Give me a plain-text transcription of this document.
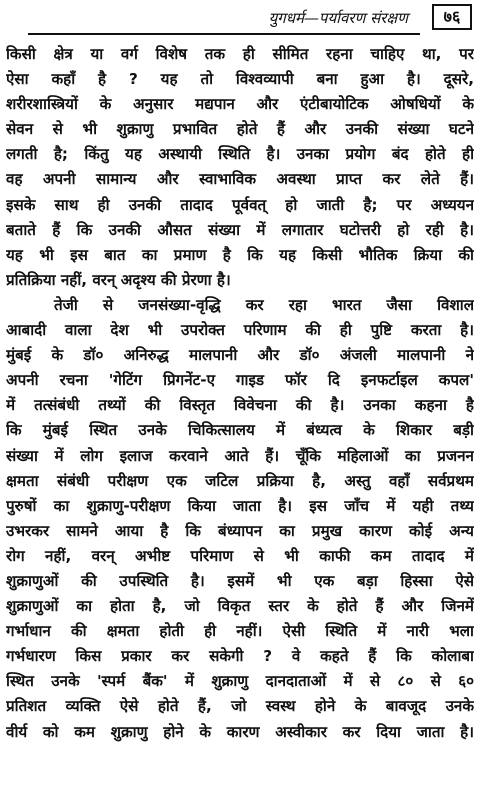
युगधर्म—पर्यावरण संरक्षण	७६
किसी क्षेत्र या वर्ग विशेष तक ही सीमित रहना चाहिए था, पर
ऐसा कहाँ है ? यह तो विश्वव्यापी बना हुआ है। दूसरे,
शरीरशास्त्रियों के अनुसार मद्यपान और एंटीबायोटिक ओषधियों के
सेवन से भी शुक्राणु प्रभावित होते हैं और उनकी संख्या घटने
लगती है; किंतु यह अस्थायी स्थिति है। उनका प्रयोग बंद होते ही
वह अपनी सामान्य और स्वाभाविक अवस्था प्राप्त कर लेते हैं।
इसके साथ ही उनकी तादाद पूर्ववत् हो जाती है; पर अध्ययन
बताते हैं कि उनकी औसत संख्या में लगातार घटोत्तरी हो रही है।
यह भी इस बात का प्रमाण है कि यह किसी भौतिक क्रिया की
प्रतिक्रिया नहीं, वरन् अदृश्य की प्रेरणा है।
तेजी से जनसंख्या-वृद्धि कर रहा भारत जैसा विशाल
आबादी वाला देश भी उपरोक्त परिणाम की ही पुष्टि करता है।
मुंबई के डॉ० अनिरुद्ध मालपानी और डॉ० अंजली मालपानी ने
अपनी रचना 'गेटिंग प्रिगनेंट-ए गाइड फॉर दि इनफर्टाइल कपल'
में तत्संबंधी तथ्यों की विस्तृत विवेचना की है। उनका कहना है
कि मुंबई स्थित उनके चिकित्सालय में बंध्यत्व के शिकार बड़ी
संख्या में लोग इलाज करवाने आते हैं। चूँकि महिलाओं का प्रजनन
क्षमता संबंधी परीक्षण एक जटिल प्रक्रिया है, अस्तु वहाँ सर्वप्रथम
पुरुषों का शुक्राणु-परीक्षण किया जाता है। इस जाँच में यही तथ्य
उभरकर सामने आया है कि बंध्यापन का प्रमुख कारण कोई अन्य
रोग नहीं, वरन् अभीष्ट परिमाण से भी काफी कम तादाद में
शुक्राणुओं की उपस्थिति है। इसमें भी एक बड़ा हिस्सा ऐसे
शुक्राणुओं का होता है, जो विकृत स्तर के होते हैं और जिनमें
गर्भाधान की क्षमता होती ही नहीं। ऐसी स्थिति में नारी भला
गर्भधारण किस प्रकार कर सकेगी ? वे कहते हैं कि कोलाबा
स्थित उनके 'स्पर्म बैंक' में शुक्राणु दानदाताओं में से ८० से ६०
प्रतिशत व्यक्ति ऐसे होते हैं, जो स्वस्थ होने के बावजूद उनके
वीर्य को कम शुक्राणु होने के कारण अस्वीकार कर दिया जाता है।
